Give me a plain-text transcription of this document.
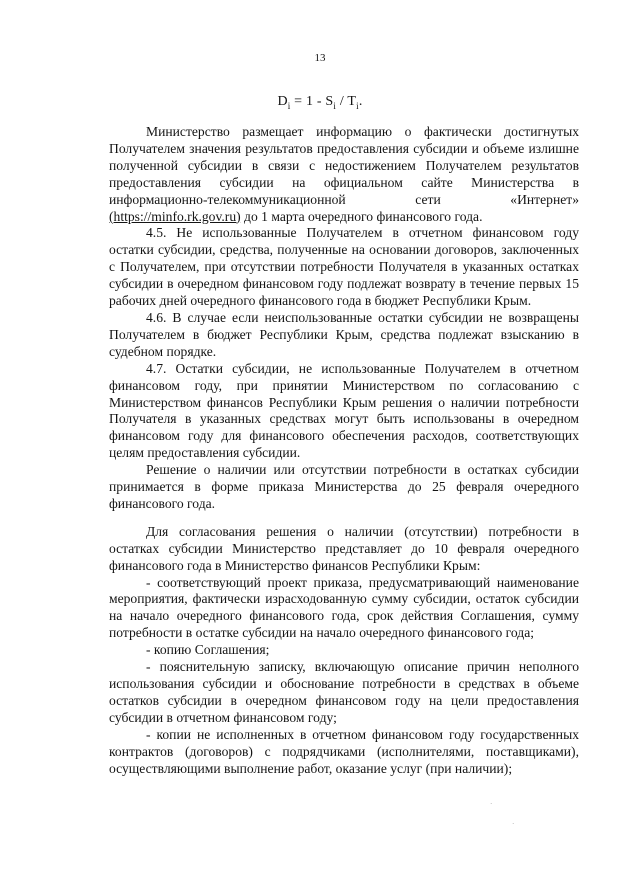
13
$D_i = 1 - S_i / T_i$.

Министерство размещает информацию о фактически достигнутых Получателем значения результатов предоставления субсидии и объеме излишне полученной субсидии в связи с недостижением Получателем результатов предоставления субсидии на официальном сайте Министерства в информационно-телекоммуникационной сети «Интернет» (https://minfo.rk.gov.ru) до 1 марта очередного финансового года.

4.5. Не использованные Получателем в отчетном финансовом году остатки субсидии, средства, полученные на основании договоров, заключенных с Получателем, при отсутствии потребности Получателя в указанных остатках субсидии в очередном финансовом году подлежат возврату в течение первых 15 рабочих дней очередного финансового года в бюджет Республики Крым.

4.6. В случае если неиспользованные остатки субсидии не возвращены Получателем в бюджет Республики Крым, средства подлежат взысканию в судебном порядке.

4.7. Остатки субсидии, не использованные Получателем в отчетном финансовом году, при принятии Министерством по согласованию с Министерством финансов Республики Крым решения о наличии потребности Получателя в указанных средствах могут быть использованы в очередном финансовом году для финансового обеспечения расходов, соответствующих целям предоставления субсидии.

Решение о наличии или отсутствии потребности в остатках субсидии принимается в форме приказа Министерства до 25 февраля очередного финансового года.

Для согласования решения о наличии (отсутствии) потребности в остатках субсидии Министерство представляет до 10 февраля очередного финансового года в Министерство финансов Республики Крым:

- соответствующий проект приказа, предусматривающий наименование мероприятия, фактически израсходованную сумму субсидии, остаток субсидии на начало очередного финансового года, срок действия Соглашения, сумму потребности в остатке субсидии на начало очередного финансового года;

- копию Соглашения;

- пояснительную записку, включающую описание причин неполного использования субсидии и обоснование потребности в средствах в объеме остатков субсидии в очередном финансовом году на цели предоставления субсидии в отчетном финансовом году;

- копии не исполненных в отчетном финансовом году государственных контрактов (договоров) с подрядчиками (исполнителями, поставщиками), осуществляющими выполнение работ, оказание услуг (при наличии);

·
·
